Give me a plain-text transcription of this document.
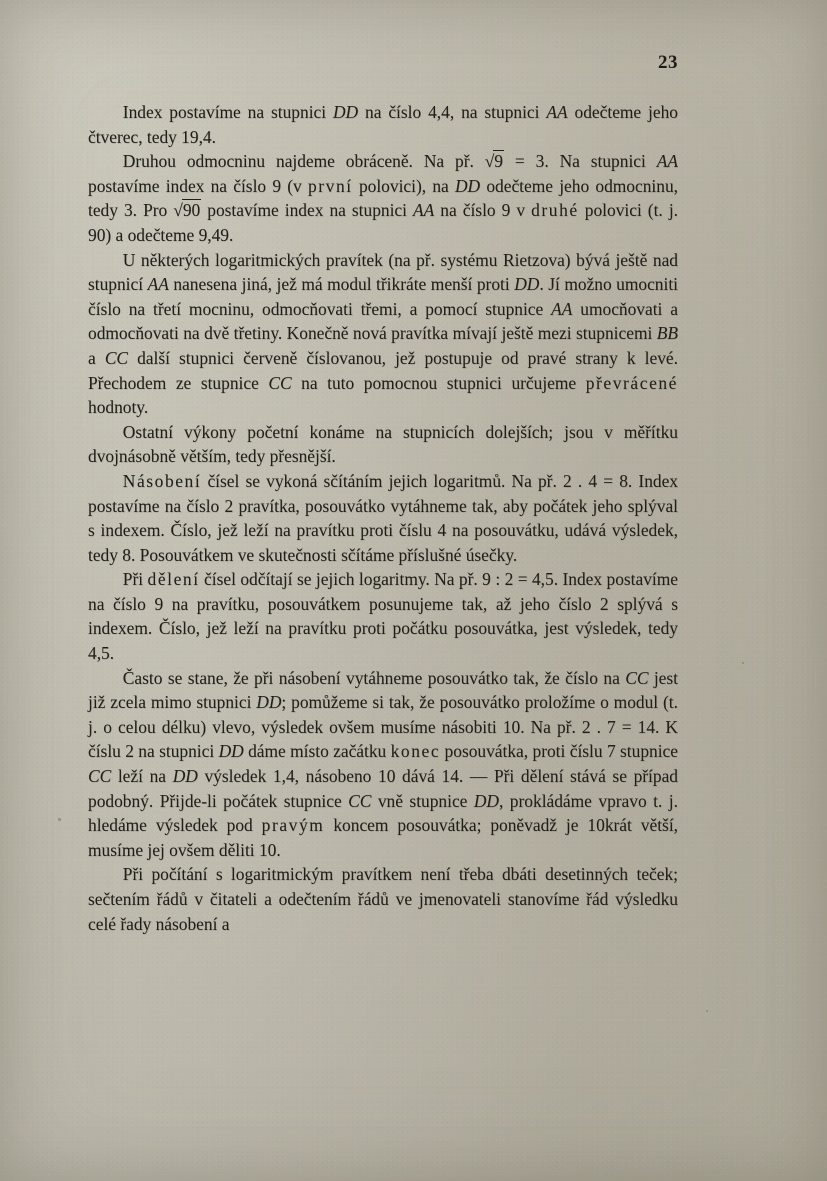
23

Index postavíme na stupnici DD na číslo 4,4, na stupnici AA odečteme jeho čtverec, tedy 19,4.

Druhou odmocninu najdeme obráceně. Na př. √9 = 3. Na stupnici AA postavíme index na číslo 9 (v první polovici), na DD odečteme jeho odmocninu, tedy 3. Pro √90 postavíme index na stupnici AA na číslo 9 v druhé polovici (t. j. 90) a odečteme 9,49.

U některých logaritmických pravítek (na př. systému Rietzova) bývá ještě nad stupnicí AA nanesena jiná, jež má modul třikráte menší proti DD. Jí možno umocniti číslo na třetí mocninu, odmocňovati třemi, a pomocí stupnice AA umocňovati a odmocňovati na dvě třetiny. Konečně nová pravítka mívají ještě mezi stupnicemi BB a CC další stupnici červeně číslovanou, jež postupuje od pravé strany k levé. Přechodem ze stupnice CC na tuto pomocnou stupnici určujeme převrácené hodnoty.

Ostatní výkony početní konáme na stupnicích dolejších; jsou v měřítku dvojnásobně větším, tedy přesnější.

Násobení čísel se vykoná sčítáním jejich logaritmů. Na př. 2 . 4 = 8. Index postavíme na číslo 2 pravítka, posouvátko vytáhneme tak, aby počátek jeho splýval s indexem. Číslo, jež leží na pravítku proti číslu 4 na posouvátku, udává výsledek, tedy 8. Posouvátkem ve skutečnosti sčítáme příslušné úsečky.

Při dělení čísel odčítají se jejich logaritmy. Na př. 9 : 2 = 4,5. Index postavíme na číslo 9 na pravítku, posouvátkem posunujeme tak, až jeho číslo 2 splývá s indexem. Číslo, jež leží na pravítku proti počátku posouvátka, jest výsledek, tedy 4,5.

Často se stane, že při násobení vytáhneme posouvátko tak, že číslo na CC jest již zcela mimo stupnici DD; pomůžeme si tak, že posouvátko proložíme o modul (t. j. o celou délku) vlevo, výsledek ovšem musíme násobiti 10. Na př. 2 . 7 = 14. K číslu 2 na stupnici DD dáme místo začátku konec posouvátka, proti číslu 7 stupnice CC leží na DD výsledek 1,4, násobeno 10 dává 14. — Při dělení stává se případ podobný. Přijde-li počátek stupnice CC vně stupnice DD, prokládáme vpravo t. j. hledáme výsledek pod pravým koncem posouvátka; poněvadž je 10krát větší, musíme jej ovšem děliti 10.

Při počítání s logaritmickým pravítkem není třeba dbáti desetinných teček; sečtením řádů v čitateli a odečtením řádů ve jmenovateli stanovíme řád výsledku celé řady násobení a
